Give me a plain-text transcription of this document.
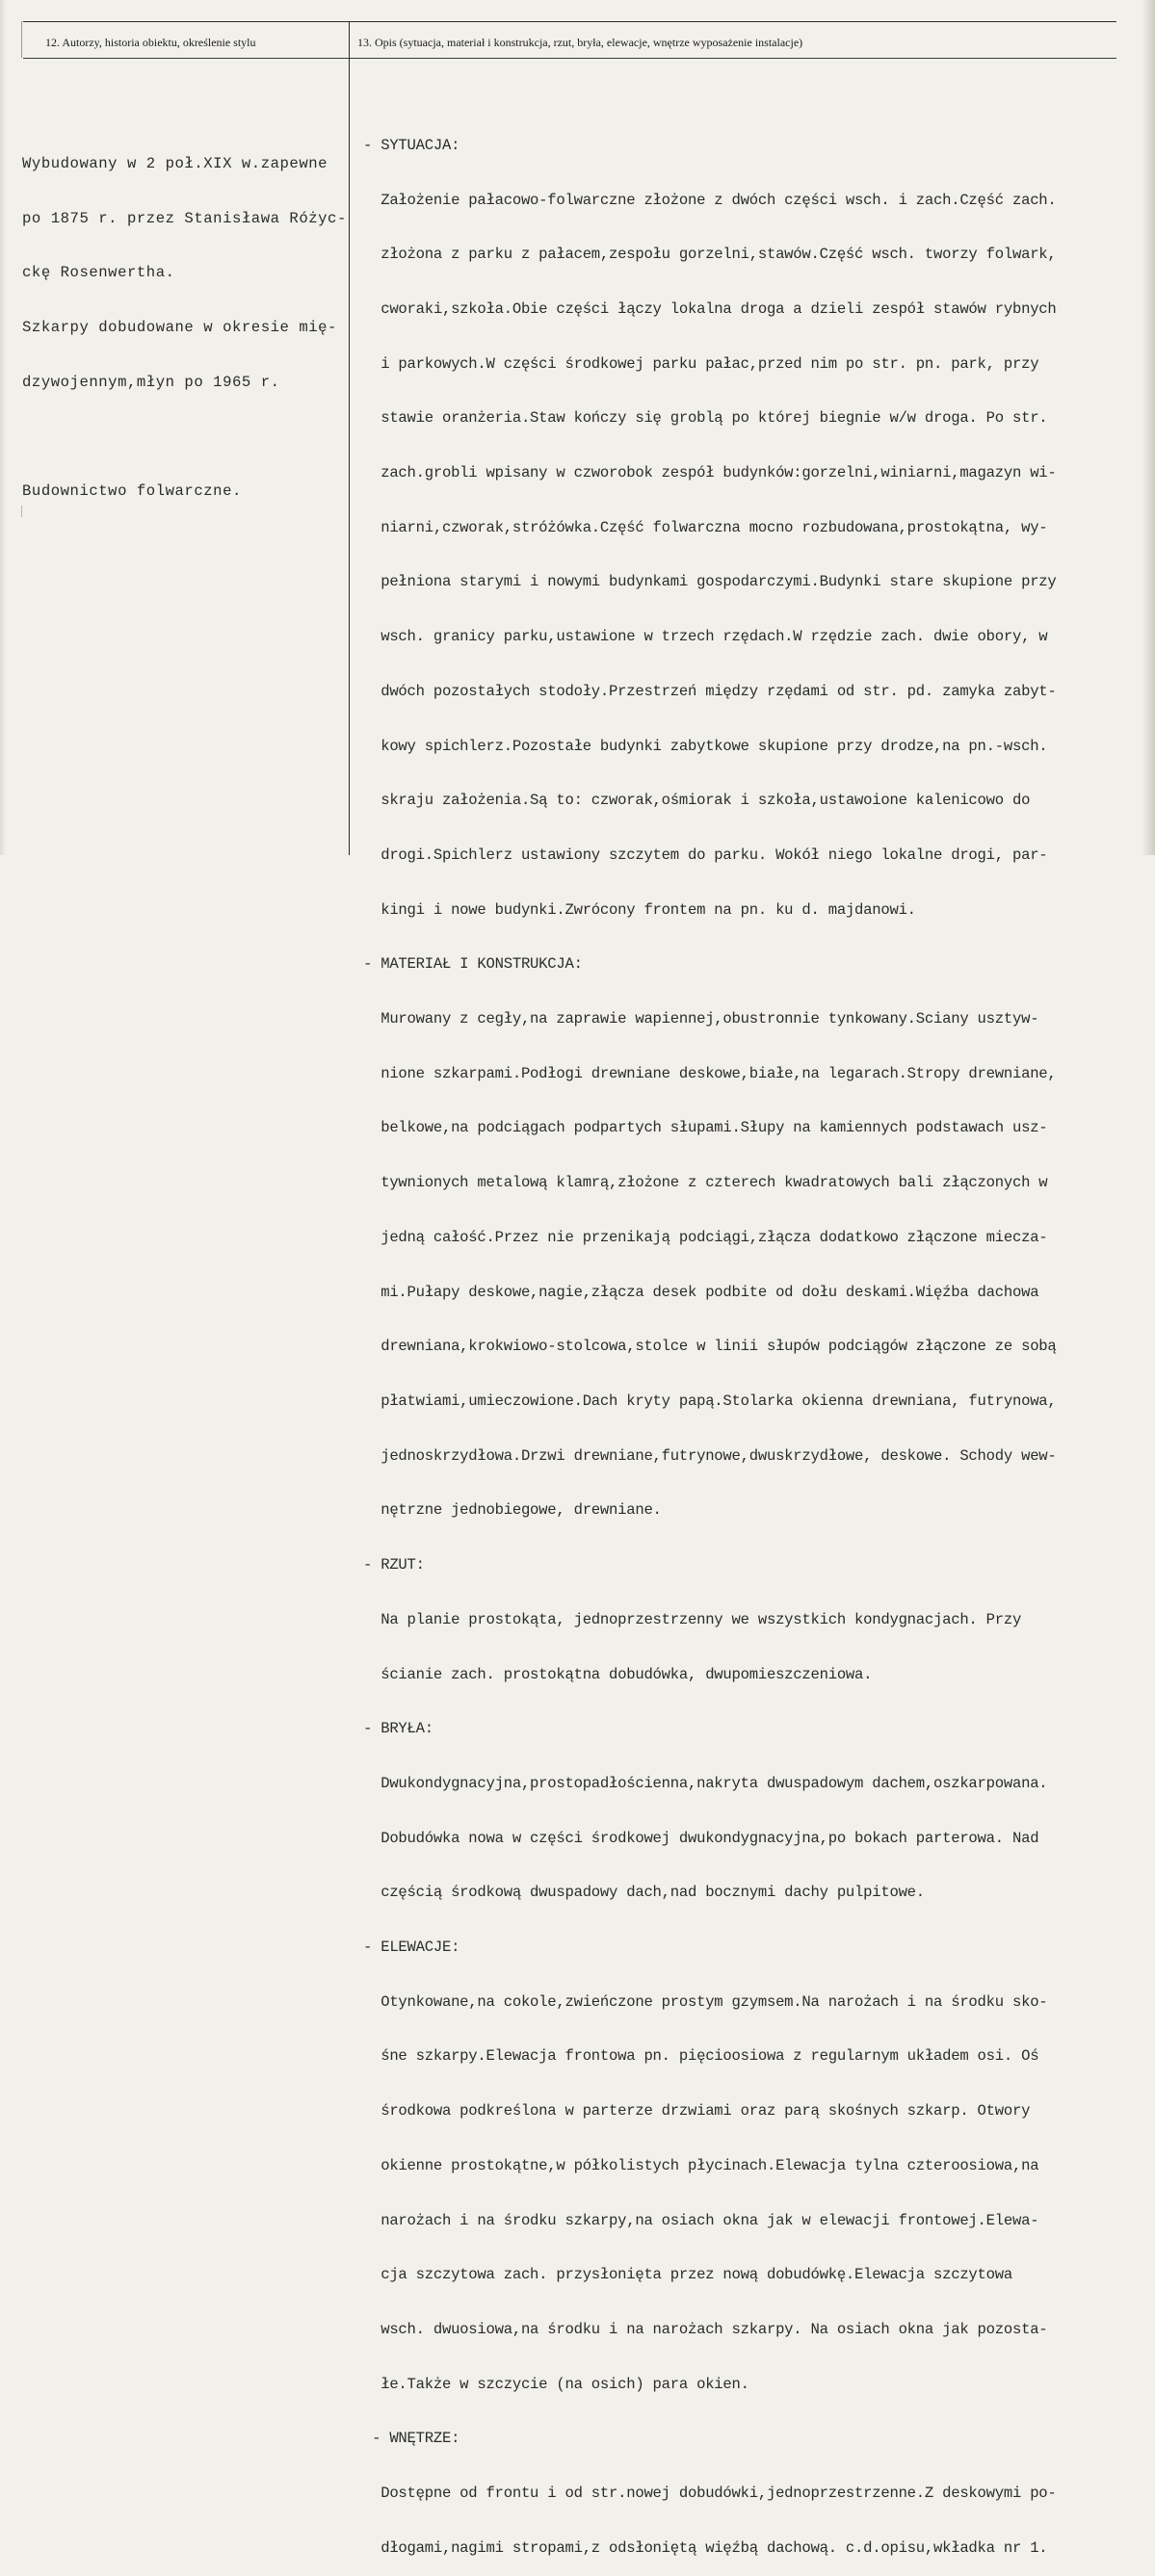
12. Autorzy, historia obiektu, określenie stylu	13. Opis (sytuacja, materiał i konstrukcja, rzut, bryła, elewacje, wnętrze wyposażenie instalacje)

Wybudowany w 2 poł.XIX w.zapewne

po 1875 r. przez Stanisława Różyc-

ckę Rosenwertha.

Szkarpy dobudowane w okresie mię-

dzywojennym,młyn po 1965 r.

Budownictwo folwarczne.

- SYTUACJA:

Założenie pałacowo-folwarczne złożone z dwóch części wsch. i zach.Część zach.

złożona z parku z pałacem,zespołu gorzelni,stawów.Część wsch. tworzy folwark,

cworaki,szkoła.Obie części łączy lokalna droga a dzieli zespół stawów rybnych

i parkowych.W części środkowej parku pałac,przed nim po str. pn. park, przy

stawie oranżeria.Staw kończy się groblą po której biegnie w/w droga. Po str.

zach.grobli wpisany w czworobok zespół budynków:gorzelni,winiarni,magazyn wi-

niarni,czworak,stróżówka.Część folwarczna mocno rozbudowana,prostokątna, wy-

pełniona starymi i nowymi budynkami gospodarczymi.Budynki stare skupione przy

wsch. granicy parku,ustawione w trzech rzędach.W rzędzie zach. dwie obory, w

dwóch pozostałych stodoły.Przestrzeń między rzędami od str. pd. zamyka zabyt-

kowy spichlerz.Pozostałe budynki zabytkowe skupione przy drodze,na pn.-wsch.

skraju założenia.Są to: czworak,ośmiorak i szkoła,ustawoione kalenicowo do

drogi.Spichlerz ustawiony szczytem do parku. Wokół niego lokalne drogi, par-

kingi i nowe budynki.Zwrócony frontem na pn. ku d. majdanowi.

- MATERIAŁ I KONSTRUKCJA:

Murowany z cegły,na zaprawie wapiennej,obustronnie tynkowany.Sciany usztyw-

nione szkarpami.Podłogi drewniane deskowe,białe,na legarach.Stropy drewniane,

belkowe,na podciągach podpartych słupami.Słupy na kamiennych podstawach usz-

tywnionych metalową klamrą,złożone z czterech kwadratowych bali złączonych w

jedną całość.Przez nie przenikają podciągi,złącza dodatkowo złączone miecza-

mi.Pułapy deskowe,nagie,złącza desek podbite od dołu deskami.Więźba dachowa

drewniana,krokwiowo-stolcowa,stolce w linii słupów podciągów złączone ze sobą

płatwiami,umieczowione.Dach kryty papą.Stolarka okienna drewniana, futrynowa,

jednoskrzydłowa.Drzwi drewniane,futrynowe,dwuskrzydłowe, deskowe. Schody wew-

nętrzne jednobiegowe, drewniane.

- RZUT:

Na planie prostokąta, jednoprzestrzenny we wszystkich kondygnacjach. Przy

ścianie zach. prostokątna dobudówka, dwupomieszczeniowa.

- BRYŁA:

Dwukondygnacyjna,prostopadłościenna,nakryta dwuspadowym dachem,oszkarpowana.

Dobudówka nowa w części środkowej dwukondygnacyjna,po bokach parterowa. Nad

częścią środkową dwuspadowy dach,nad bocznymi dachy pulpitowe.

- ELEWACJE:

Otynkowane,na cokole,zwieńczone prostym gzymsem.Na narożach i na środku sko-

śne szkarpy.Elewacja frontowa pn. pięcioosiowa z regularnym układem osi. Oś

środkowa podkreślona w parterze drzwiami oraz parą skośnych szkarp. Otwory

okienne prostokątne,w półkolistych płycinach.Elewacja tylna czteroosiowa,na

narożach i na środku szkarpy,na osiach okna jak w elewacji frontowej.Elewa-

cja szczytowa zach. przysłonięta przez nową dobudówkę.Elewacja szczytowa

wsch. dwuosiowa,na środku i na narożach szkarpy. Na osiach okna jak pozosta-

łe.Także w szczycie (na osich) para okien.

- WNĘTRZE:

Dostępne od frontu i od str.nowej dobudówki,jednoprzestrzenne.Z deskowymi po-

dłogami,nagimi stropami,z odsłoniętą więźbą dachową. c.d.opisu,wkładka nr 1.
